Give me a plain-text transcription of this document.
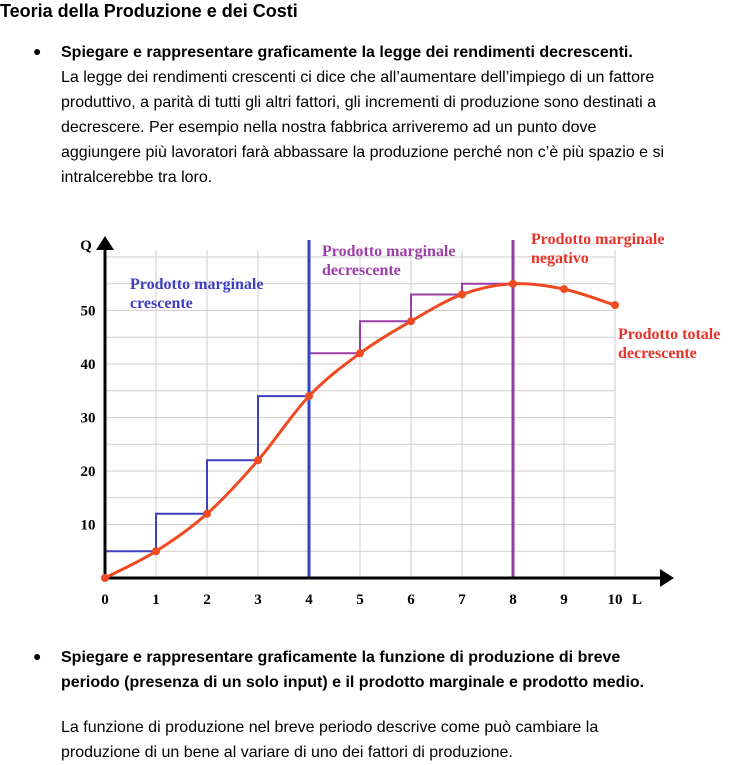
Teoria della Produzione e dei Costi
● Spiegare e rappresentare graficamente la legge dei rendimenti decrescenti.
La legge dei rendimenti crescenti ci dice che all’aumentare dell’impiego di un fattore
produttivo, a parità di tutti gli altri fattori, gli incrementi di produzione sono destinati a
decrescere. Per esempio nella nostra fabbrica arriveremo ad un punto dove
aggiungere più lavoratori farà abbassare la produzione perché non c’è più spazio e si
intralcerebbe tra loro.
0	1	2	3	4	5	6	7	8	9	10
10
20
30
40
50
L
Q
Prodotto marginale
crescente
Prodotto marginale
decrescente
Prodotto marginale
negativo
Prodotto totale
decrescente
● Spiegare e rappresentare graficamente la funzione di produzione di breve
periodo (presenza di un solo input) e il prodotto marginale e prodotto medio.
La funzione di produzione nel breve periodo descrive come può cambiare la
produzione di un bene al variare di uno dei fattori di produzione.
